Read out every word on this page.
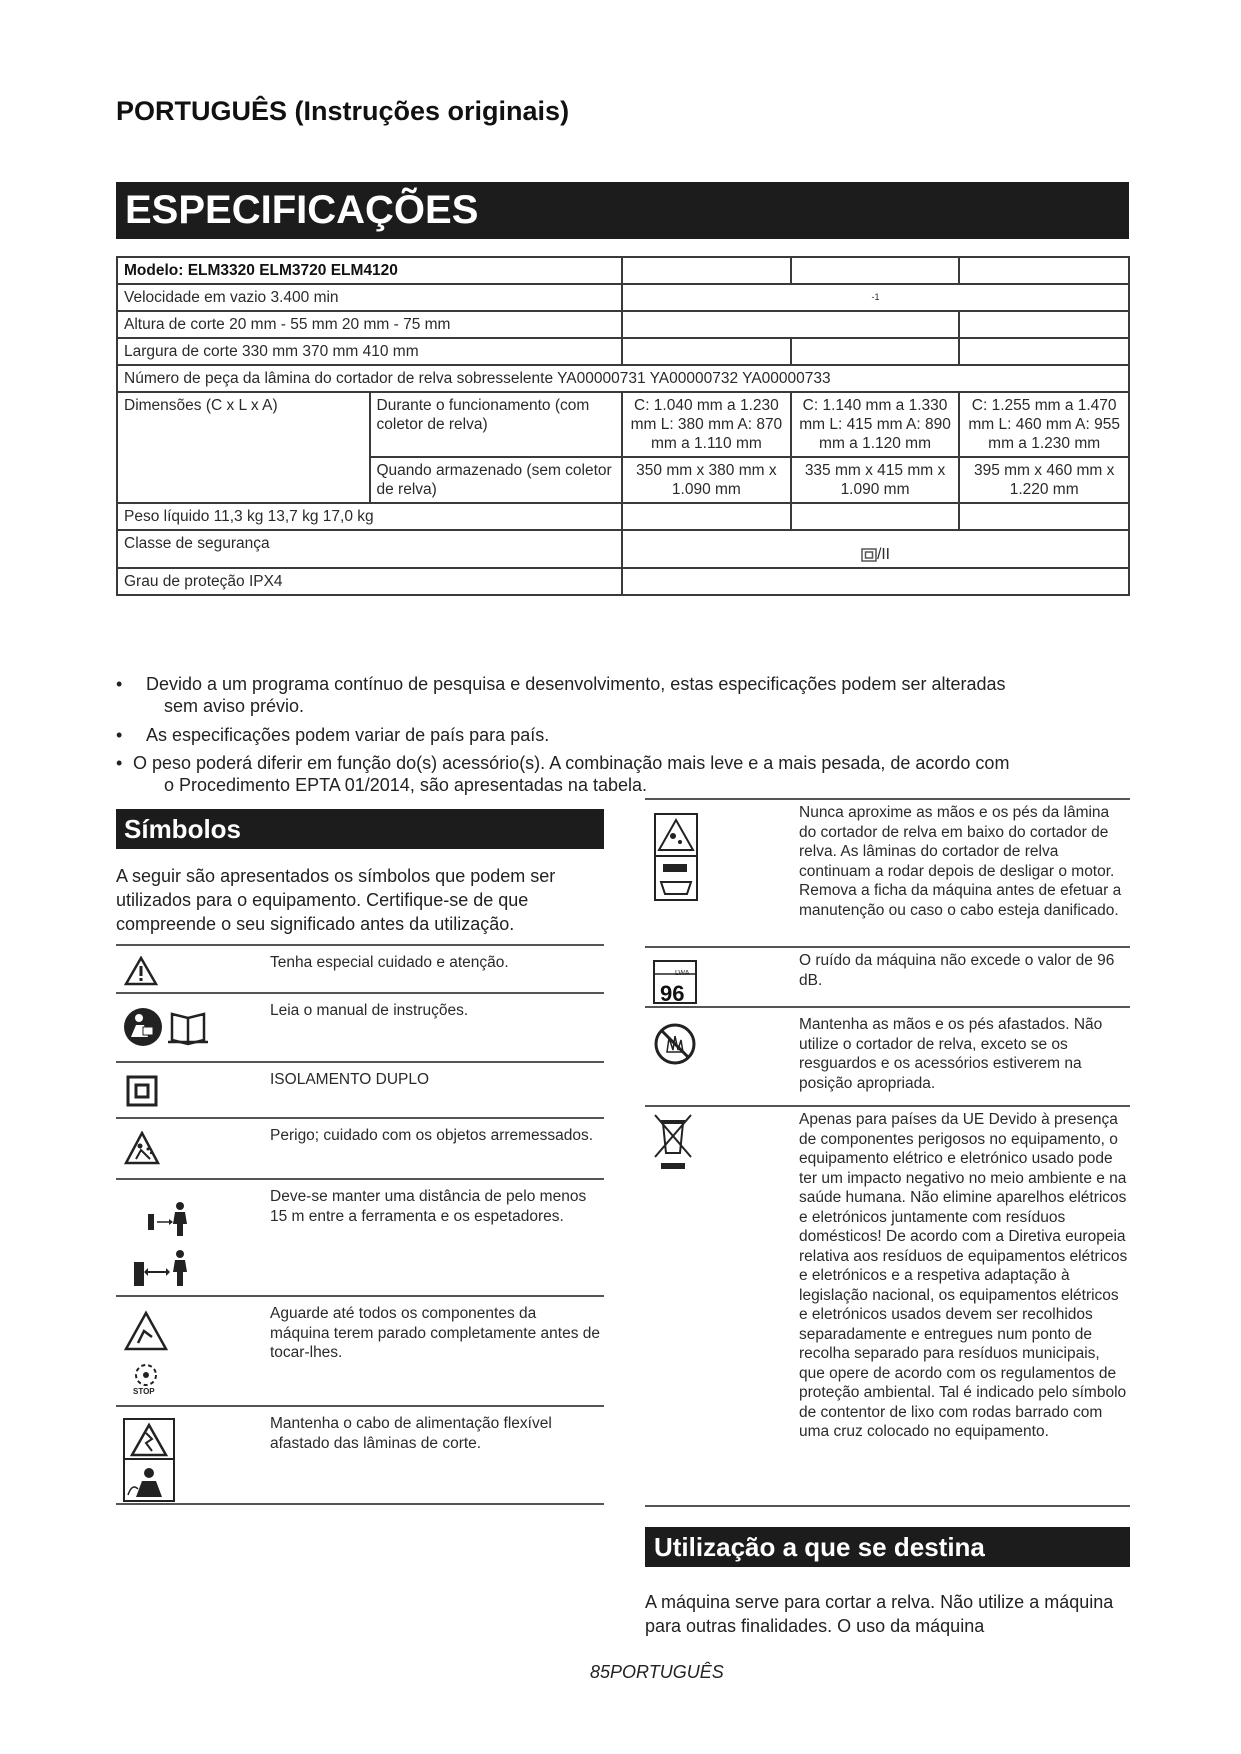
PORTUGUÊS (Instruções originais)
ESPECIFICAÇÕES
Modelo: ELM3320 ELM3720 ELM4120				
Velocidade em vazio 3.400 min		$^{-1}$
Altura de corte 20 mm - 55 mm 20 mm - 75 mm				
Largura de corte 330 mm 370 mm 410 mm				
Número de peça da lâmina do cortador de relva sobresselente YA00000731 YA00000732 YA00000733				
Dimensões (C x L x A)	Durante o funcionamento (com coletor de relva)	C: 1.040 mm a 1.230 mm L: 380 mm A: 870 mm a 1.110 mm	C: 1.140 mm a 1.330 mm L: 415 mm A: 890 mm a 1.120 mm	C: 1.255 mm a 1.470 mm L: 460 mm A: 955 mm a 1.230 mm
	Quando armazenado (sem coletor de relva)	350 mm x 380 mm x 1.090 mm	335 mm x 415 mm x 1.090 mm	395 mm x 460 mm x 1.220 mm
Peso líquido 11,3 kg 13,7 kg 17,0 kg				
Classe de segurança		/II		
Grau de proteção IPX4				
• Devido a um programa contínuo de pesquisa e desenvolvimento, estas especificações podem ser alteradas
sem aviso prévio.
• As especificações podem variar de país para país.
• O peso poderá diferir em função do(s) acessório(s). A combinação mais leve e a mais pesada, de acordo com
o Procedimento EPTA 01/2014, são apresentadas na tabela.
Símbolos
A seguir são apresentados os símbolos que podem ser utilizados para o equipamento. Certifique-se de que compreende o seu significado antes da utilização.
Tenha especial cuidado e atenção.
Leia o manual de instruções.
ISOLAMENTO DUPLO
Perigo; cuidado com os objetos arremessados.
Deve-se manter uma distância de pelo menos 15 m entre a ferramenta e os espetadores.
STOP
Aguarde até todos os componentes da máquina terem parado completamente antes de tocar-lhes.
Mantenha o cabo de alimentação flexível afastado das lâminas de corte.
Nunca aproxime as mãos e os pés da lâmina do cortador de relva em baixo do cortador de relva. As lâminas do cortador de relva continuam a rodar depois de desligar o motor. Remova a ficha da máquina antes de efetuar a manutenção ou caso o cabo esteja danificado.
LWA
96
O ruído da máquina não excede o valor de 96 dB.
Mantenha as mãos e os pés afastados. Não utilize o cortador de relva, exceto se os resguardos e os acessórios estiverem na posição apropriada.
Apenas para países da UE Devido à presença de componentes perigosos no equipamento, o equipamento elétrico e eletrónico usado pode ter um impacto negativo no meio ambiente e na saúde humana. Não elimine aparelhos elétricos e eletrónicos juntamente com resíduos domésticos! De acordo com a Diretiva europeia relativa aos resíduos de equipamentos elétricos e eletrónicos e a respetiva adaptação à legislação nacional, os equipamentos elétricos e eletrónicos usados devem ser recolhidos separadamente e entregues num ponto de recolha separado para resíduos municipais, que opere de acordo com os regulamentos de proteção ambiental. Tal é indicado pelo símbolo de contentor de lixo com rodas barrado com uma cruz colocado no equipamento.
Utilização a que se destina
A máquina serve para cortar a relva. Não utilize a máquina para outras finalidades. O uso da máquina
85PORTUGUÊS
